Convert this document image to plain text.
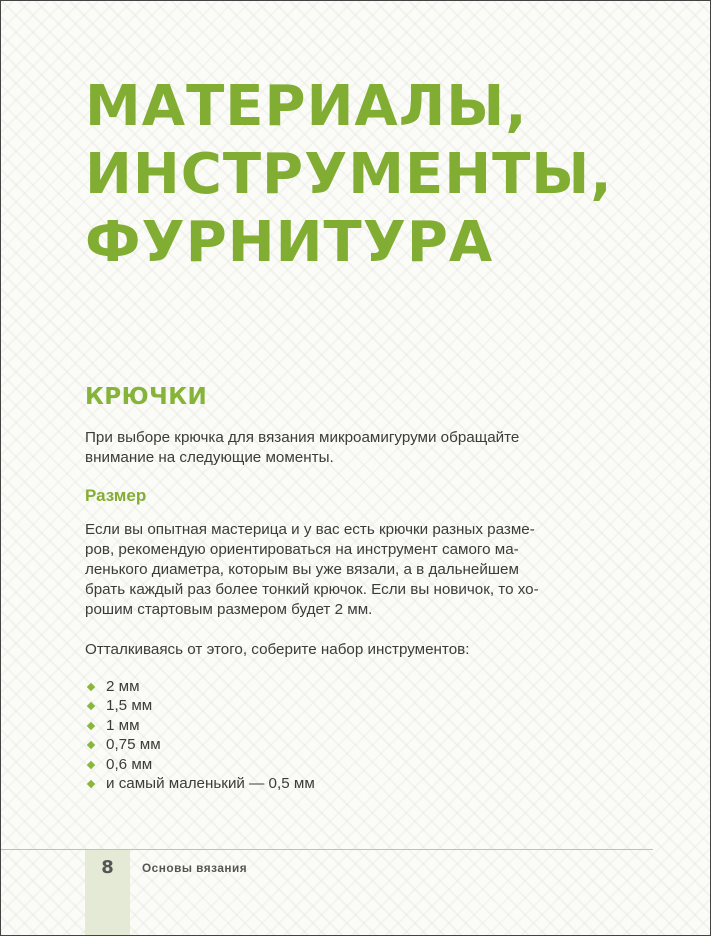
МАТЕРИАЛЫ,
ИНСТРУМЕНТЫ,
ФУРНИТУРА
КРЮЧКИ

При выборе крючка для вязания микроамигуруми обращайте
внимание на следующие моменты.

Размер

Если вы опытная мастерица и у вас есть крючки разных разме-
ров, рекомендую ориентироваться на инструмент самого ма-
ленького диаметра, которым вы уже вязали, а в дальнейшем
брать каждый раз более тонкий крючок. Если вы новичок, то хо-
рошим стартовым размером будет 2 мм.

Отталкиваясь от этого, соберите набор инструментов:

2 мм
1,5 мм
1 мм
0,75 мм
0,6 мм
и самый маленький — 0,5 мм

8	Основы вязания
